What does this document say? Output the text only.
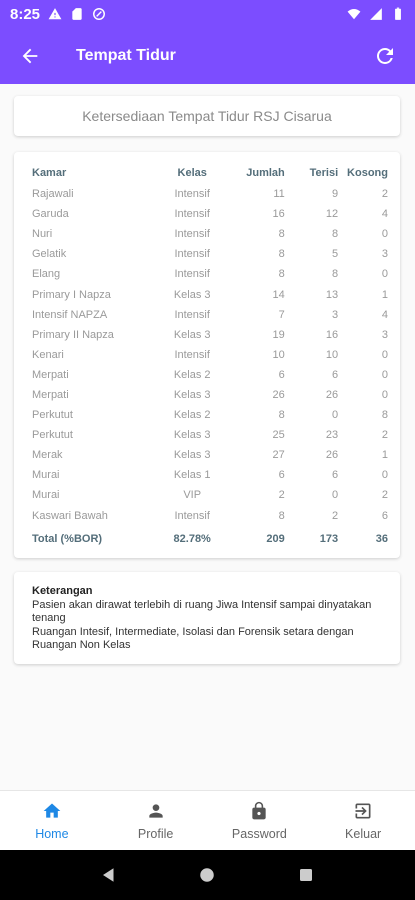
8:25
Tempat Tidur
Ketersediaan Tempat Tidur RSJ Cisarua
Kamar	Kelas	Jumlah	Terisi	Kosong
Rajawali	Intensif	11	9	2
Garuda	Intensif	16	12	4
Nuri	Intensif	8	8	0
Gelatik	Intensif	8	5	3
Elang	Intensif	8	8	0
Primary I Napza	Kelas 3	14	13	1
Intensif NAPZA	Intensif	7	3	4
Primary II Napza	Kelas 3	19	16	3
Kenari	Intensif	10	10	0
Merpati	Kelas 2	6	6	0
Merpati	Kelas 3	26	26	0
Perkutut	Kelas 2	8	0	8
Perkutut	Kelas 3	25	23	2
Merak	Kelas 3	27	26	1
Murai	Kelas 1	6	6	0
Murai	VIP	2	0	2
Kaswari Bawah	Intensif	8	2	6
Total (%BOR)	82.78%	209	173	36
Keterangan
Pasien akan dirawat terlebih di ruang Jiwa Intensif sampai dinyatakan tenang
Ruangan Intesif, Intermediate, Isolasi dan Forensik setara dengan Ruangan Non Kelas
Home	Profile	Password	Keluar
